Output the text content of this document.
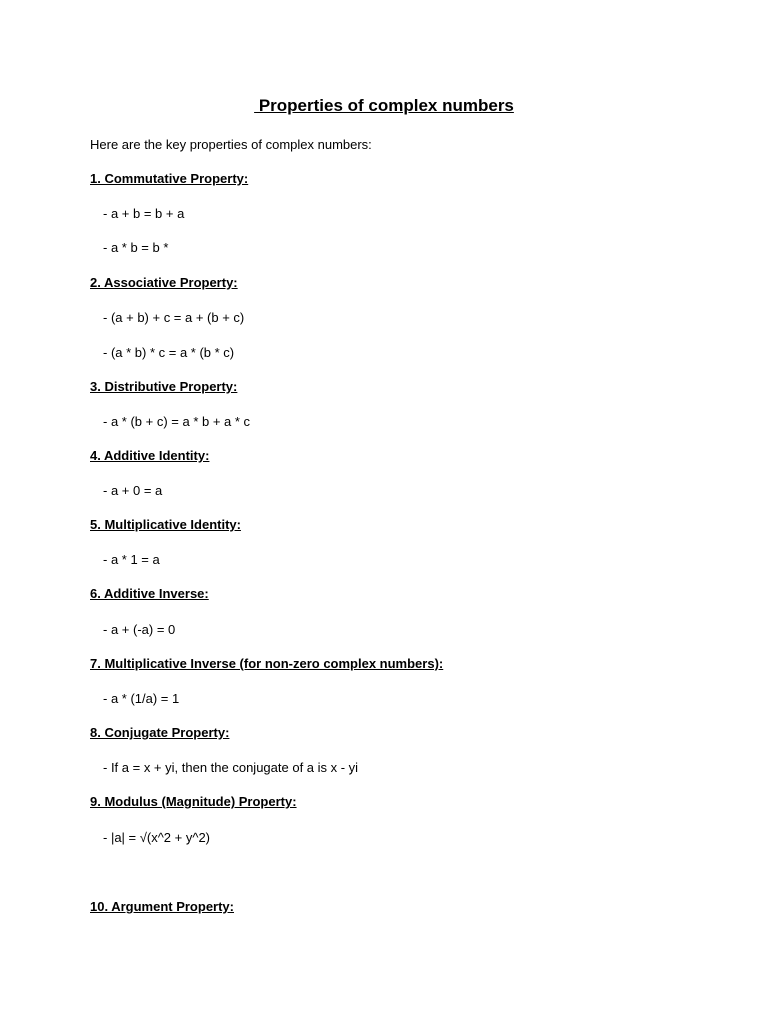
Properties of complex numbers
Here are the key properties of complex numbers:
1. Commutative Property:
- a + b = b + a
- a * b = b *
2. Associative Property:
- (a + b) + c = a + (b + c)
- (a * b) * c = a * (b * c)
3. Distributive Property:
- a * (b + c) = a * b + a * c
4. Additive Identity:
- a + 0 = a
5. Multiplicative Identity:
- a * 1 = a
6. Additive Inverse:
- a + (-a) = 0
7. Multiplicative Inverse (for non-zero complex numbers):
- a * (1/a) = 1
8. Conjugate Property:
- If a = x + yi, then the conjugate of a is x - yi
9. Modulus (Magnitude) Property:
- |a| = √(x^2 + y^2)
10. Argument Property:
